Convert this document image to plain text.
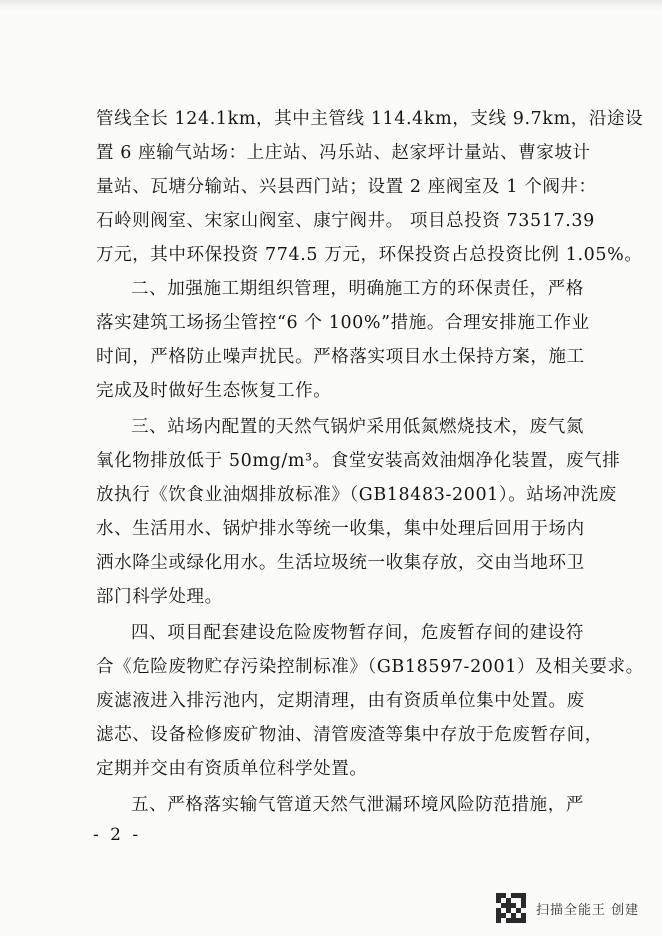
管线全长 124.1km，其中主管线 114.4km，支线 9.7km，沿途设
置 6 座输气站场：上庄站、冯乐站、赵家坪计量站、曹家坡计
量站、瓦塘分输站、兴县西门站；设置 2 座阀室及 1 个阀井：
石岭则阀室、宋家山阀室、康宁阀井。 项目总投资 73517.39
万元，其中环保投资 774.5 万元，环保投资占总投资比例 1.05%。
二、加强施工期组织管理，明确施工方的环保责任，严格
落实建筑工场扬尘管控“6 个 100%”措施。合理安排施工作业
时间，严格防止噪声扰民。严格落实项目水土保持方案，施工
完成及时做好生态恢复工作。
三、站场内配置的天然气锅炉采用低氮燃烧技术，废气氮
氧化物排放低于 50mg/m³。食堂安装高效油烟净化装置，废气排
放执行《饮食业油烟排放标准》（GB18483-2001）。站场冲洗废
水、生活用水、锅炉排水等统一收集，集中处理后回用于场内
洒水降尘或绿化用水。生活垃圾统一收集存放，交由当地环卫
部门科学处理。
四、项目配套建设危险废物暂存间，危废暂存间的建设符
合《危险废物贮存污染控制标准》（GB18597-2001）及相关要求。
废滤液进入排污池内，定期清理，由有资质单位集中处置。废
滤芯、设备检修废矿物油、清管废渣等集中存放于危废暂存间，
定期并交由有资质单位科学处置。
五、严格落实输气管道天然气泄漏环境风险防范措施，严
- 2 -
扫描全能王 创建
